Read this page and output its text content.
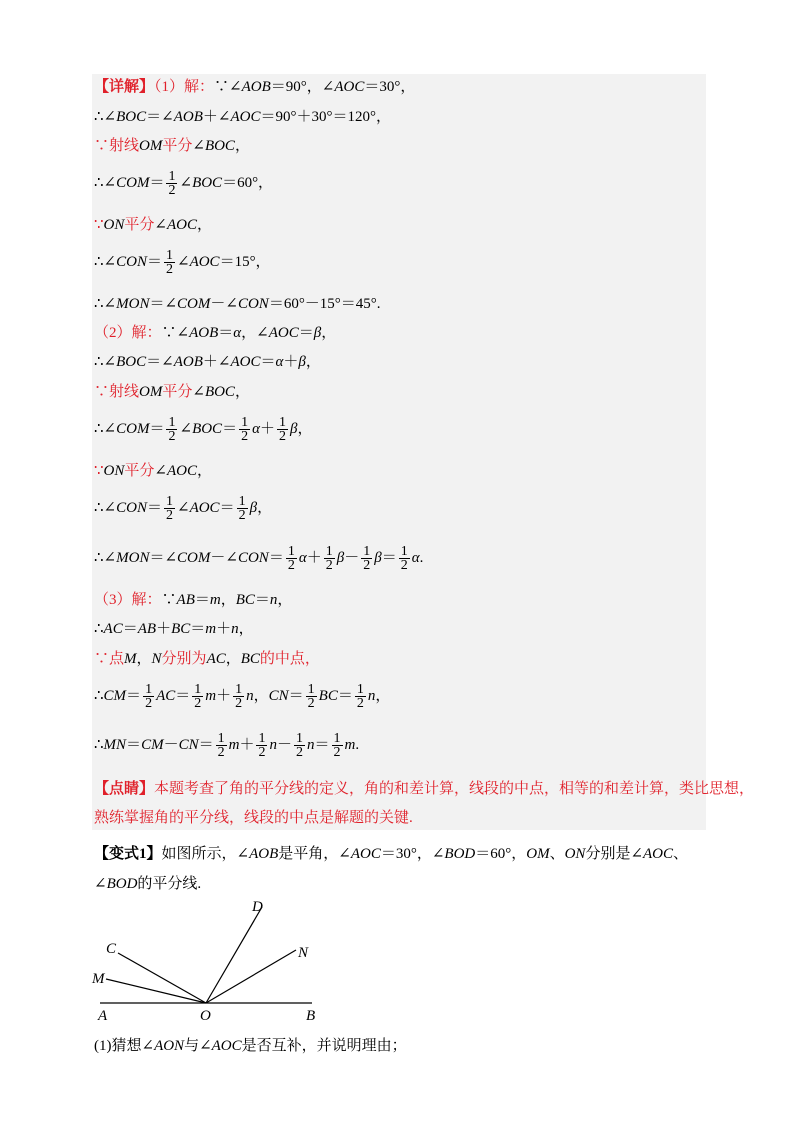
【详解】（1）解：∵∠AOB＝90°，∠AOC＝30°，
∴∠BOC＝∠AOB＋∠AOC＝90°＋30°＝120°，
∵射线OM平分∠BOC，
∴∠COM＝ $\frac{1}{2}$ ∠BOC＝60°，
∵ON平分∠AOC，
∴∠CON＝ $\frac{1}{2}$ ∠AOC＝15°，
∴∠MON＝∠COM－∠CON＝60°－15°＝45°.
（2）解：∵∠AOB＝α，∠AOC＝β，
∴∠BOC＝∠AOB＋∠AOC＝α＋β，
∵射线OM平分∠BOC，
∴∠COM＝ $\frac{1}{2}$ ∠BOC＝ $\frac{1}{2} \alpha+ \frac{1}{2}$ β，
∵ON平分∠AOC，
∴∠CON＝ $\frac{1}{2}$ ∠AOC＝ $\frac{1}{2}$ β，
∴∠MON＝∠COM－∠CON＝ $\frac{1}{2} \alpha+ \frac{1}{2} \beta- \frac{1}{2} \beta= \frac{1}{2} \alpha$.
（3）解：∵AB＝m，BC＝n，
∴AC＝AB＋BC＝m＋n，
∵点M，N分别为AC，BC的中点，
∴CM＝ $\frac{1}{2} AC= \frac{1}{2} m+ \frac{1}{2}$ n，$CN= \frac{1}{2} BC= \frac{1}{2}$ n，
∴MN＝CM－CN＝ $\frac{1}{2} m+ \frac{1}{2} n- \frac{1}{2} n= \frac{1}{2} m$.
【点睛】本题考查了角的平分线的定义，角的和差计算，线段的中点，相等的和差计算，类比思想，
熟练掌握角的平分线，线段的中点是解题的关键.
【变式1】如图所示，∠AOB是平角，∠AOC＝30°，∠BOD＝60°，OM、ON分别是∠AOC、
∠BOD的平分线.
D
N
C
M
A	O	B
(1)猜想∠AON与∠AOC是否互补，并说明理由；
